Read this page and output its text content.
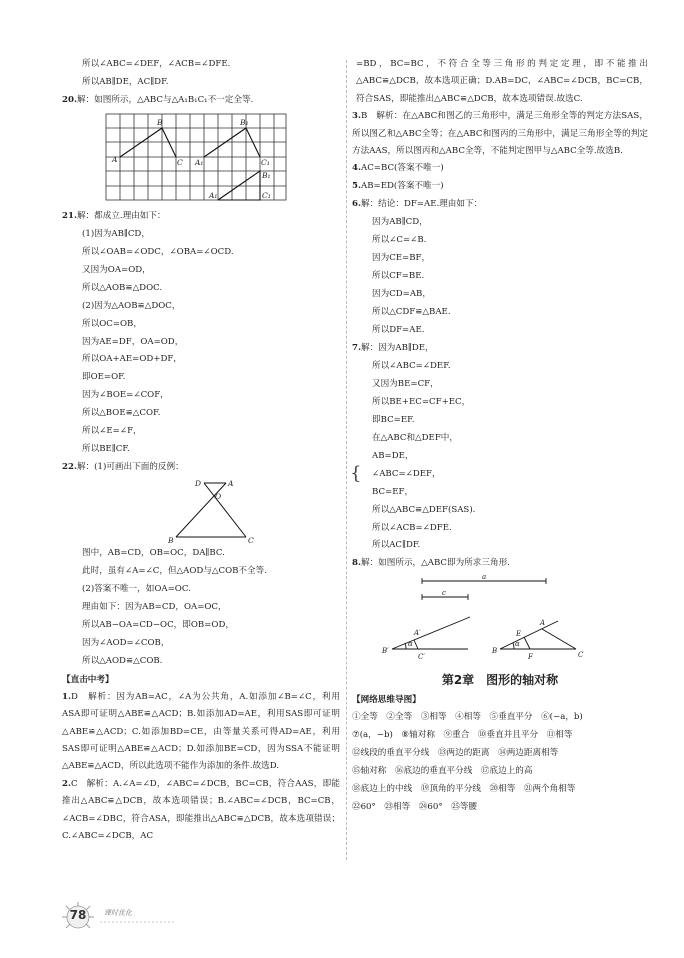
所以∠ABC=∠DEF，∠ACB=∠DFE.
所以AB∥DE，AC∥DF.
20.解：如图所示，△ABC与△A₁B₁C₁不一定全等.
A
B
C A₁
B₁
C₁
A₁
B₁
C₁
21.解：都成立.理由如下：
(1)因为AB∥CD，
所以∠OAB=∠ODC，∠OBA=∠OCD.
又因为OA=OD，
所以△AOB≌△DOC.
(2)因为△AOB≌△DOC，
所以OC=OB，
因为AE=DF，OA=OD，
所以OA+AE=OD+DF，
即OE=OF.
因为∠BOE=∠COF，
所以△BOE≌△COF.
所以∠E=∠F，
所以BE∥CF.
22.解：(1)可画出下面的反例：
D	A
O
B	C
图中，AB=CD，OB=OC，DA∥BC.
此时，虽有∠A=∠C，但△AOD与△COB不全等.
(2)答案不唯一，如OA=OC.
理由如下：因为AB=CD，OA=OC，
所以AB−OA=CD−OC，即OB=OD，
因为∠AOD=∠COB，
所以△AOD≌△COB.
【直击中考】
1.D　解析：因为AB=AC，∠A为公共角，A.如添加∠B=∠C，利用ASA即可证明△ABE≌△ACD；B.如添加AD=AE，利用SAS即可证明△ABE≌△ACD；C.如添加BD=CE，由等量关系可得AD=AE，利用SAS即可证明△ABE≌△ACD；D.如添加BE=CD，因为SSA不能证明△ABE≌△ACD，所以此选项不能作为添加的条件.故选D.
2.C　解析：A.∠A=∠D，∠ABC=∠DCB，BC=CB，符合AAS，即能推出△ABC≌△DCB，故本选项错误；B.∠ABC=∠DCB，BC=CB，∠ACB=∠DBC，符合ASA，即能推出△ABC≌△DCB，故本选项错误；C.∠ABC=∠DCB，AC
=BD，BC=BC，不符合全等三角形的判定定理，即不能推出△ABC≌△DCB，故本选项正确；D.AB=DC，∠ABC=∠DCB，BC=CB，符合SAS，即能推出△ABC≌△DCB，故本选项错误.故选C.
3.B　解析：在△ABC和图乙的三角形中，满足三角形全等的判定方法SAS，所以图乙和△ABC全等；在△ABC和图丙的三角形中，满足三角形全等的判定方法AAS，所以图丙和△ABC全等，不能判定图甲与△ABC全等.故选B.
4.AC=BC(答案不唯一)
5.AB=ED(答案不唯一)
6.解：结论：DF=AE.理由如下：
因为AB∥CD，
所以∠C=∠B.
因为CE=BF，
所以CF=BE.
因为CD=AB，
所以△CDF≌△BAE.
所以DF=AE.
7.解：因为AB∥DE，
所以∠ABC=∠DEF.
又因为BE=CF，
所以BE+EC=CF+EC，
即BC=EF.
在△ABC和△DEF中，
{
AB=DE，
∠ABC=∠DEF，
BC=EF，
所以△ABC≌△DEF(SAS).
所以∠ACB=∠DFE.
所以AC∥DF.
8.解：如图所示，△ABC即为所求三角形.
a
c
α
A′
B′
C′
A
B	C
E
F
α
第2章　图形的轴对称
【网络思维导图】
①全等　②全等　③相等　④相等　⑤垂直平分　⑥(−a，b)
⑦(a，−b)　⑧轴对称　⑨重合　⑩垂直并且平分　⑪相等
⑫线段的垂直平分线　⑬两边的距离　⑭两边距离相等
⑮轴对称　⑯底边的垂直平分线　⑰底边上的高
⑱底边上的中线　⑲顶角的平分线　⑳相等　㉑两个角相等
㉒60°　㉓相等　㉔60°　㉕等腰
78	课时优化
